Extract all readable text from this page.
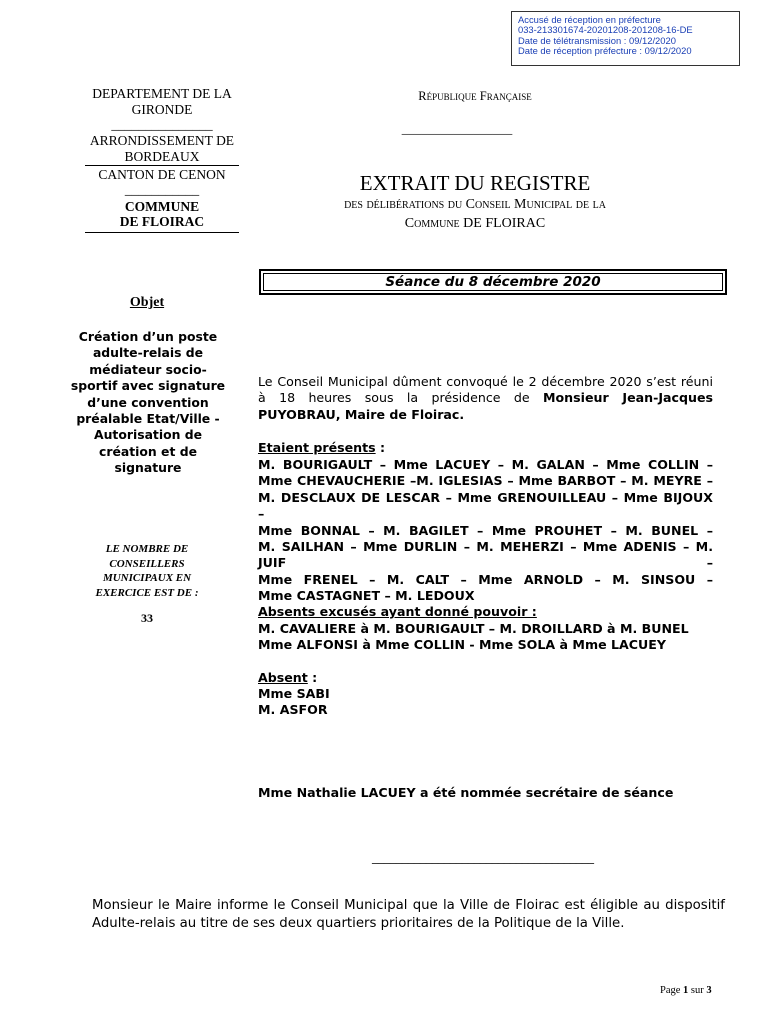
Accusé de réception en préfecture
033-213301674-20201208-201208-16-DE
Date de télétransmission : 09/12/2020
Date de réception préfecture : 09/12/2020
DEPARTEMENT DE LA GIRONDE
_______________
ARRONDISSEMENT DE BORDEAUX
CANTON DE CENON
___________
COMMUNE
DE FLOIRAC
République Française
_________________
EXTRAIT DU REGISTRE
des délibérations du Conseil Municipal de la
Commune DE FLOIRAC
Séance du 8 décembre 2020
Objet
Création d’un poste adulte-relais de médiateur socio-sportif avec signature d’une convention préalable Etat/Ville - Autorisation de création et de signature
LE NOMBRE DE CONSEILLERS MUNICIPAUX EN EXERCICE EST DE :
33
Le Conseil Municipal dûment convoqué le 2 décembre 2020 s’est réuni à 18 heures sous la présidence de Monsieur Jean-Jacques PUYOBRAU, Maire de Floirac.
Etaient présents :
M. BOURIGAULT – Mme LACUEY – M. GALAN – Mme COLLIN –
Mme CHEVAUCHERIE –M. IGLESIAS – Mme BARBOT – M. MEYRE –
M. DESCLAUX DE LESCAR – Mme GRENOUILLEAU – Mme BIJOUX –
Mme BONNAL – M. BAGILET – Mme PROUHET – M. BUNEL –
M. SAILHAN – Mme DURLIN – M. MEHERZI – Mme ADENIS – M. JUIF –
Mme FRENEL – M. CALT – Mme ARNOLD – M. SINSOU –
Mme CASTAGNET – M. LEDOUX
Absents excusés ayant donné pouvoir :
M. CAVALIERE à M. BOURIGAULT – M. DROILLARD à M. BUNEL
Mme ALFONSI à Mme COLLIN - Mme SOLA à Mme LACUEY
Absent :
Mme SABI
M. ASFOR
Mme Nathalie LACUEY a été nommée secrétaire de séance
_____________________________________
Monsieur le Maire informe le Conseil Municipal que la Ville de Floirac est éligible au dispositif Adulte-relais au titre de ses deux quartiers prioritaires de la Politique de la Ville.
Page 1 sur 3
